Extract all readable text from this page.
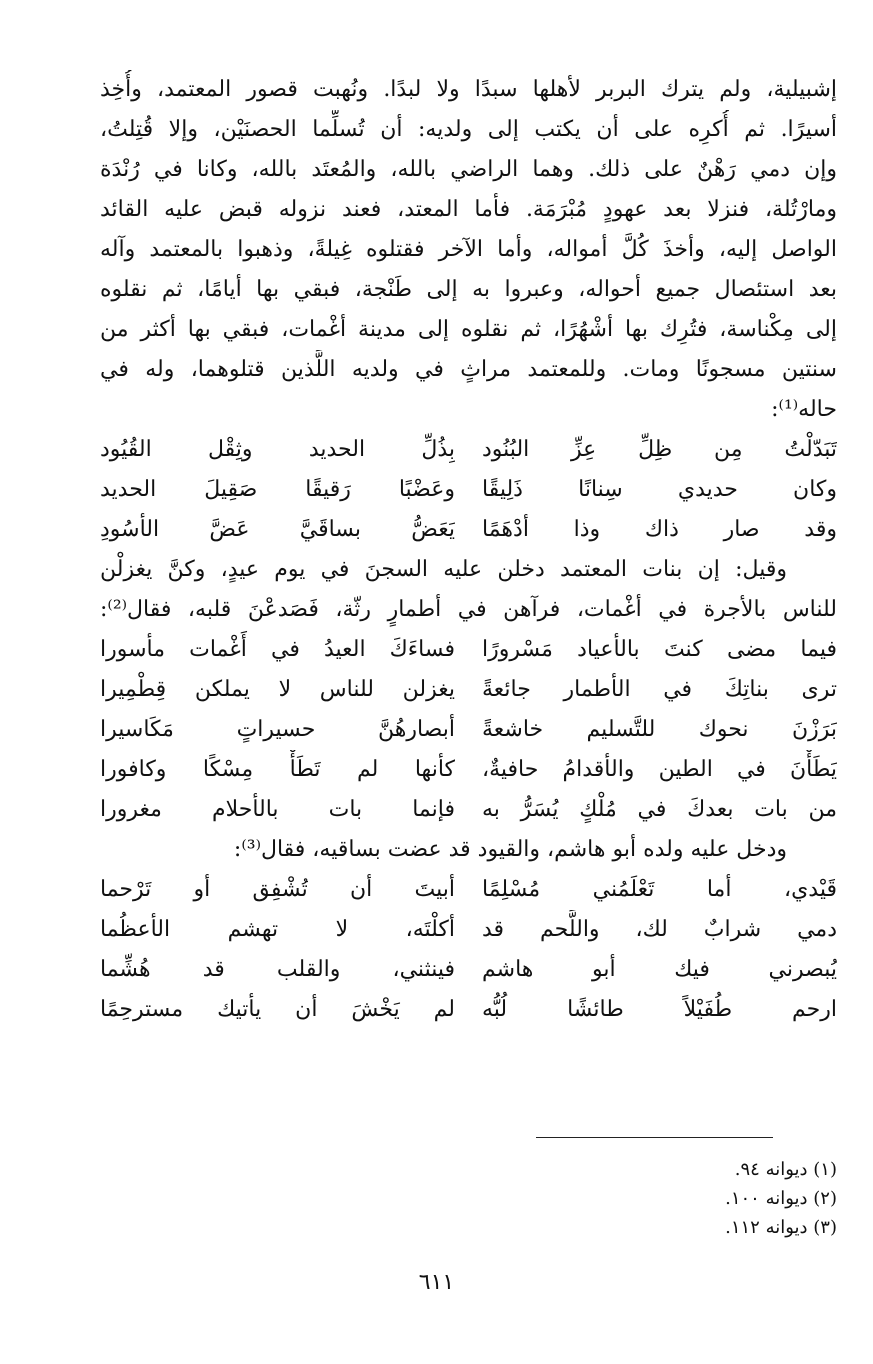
إشبيلية، ولم يترك البربر لأهلها سبدًا ولا لبدًا. ونُهبت قصور المعتمد، وأُخِذ
أسيرًا. ثم أُكرِه على أن يكتب إلى ولديه: أن تُسلِّما الحصنَيْن، وإلا قُتِلتُ،
وإن دمي رَهْنٌ على ذلك. وهما الراضي بالله، والمُعتَد بالله، وكانا في رُنْدَة
ومارْتُلة، فنزلا بعد عهودٍ مُبْرَمَة. فأما المعتد، فعند نزوله قبض عليه القائد
الواصل إليه، وأخذَ كُلَّ أمواله، وأما الآخر فقتلوه غِيلةً، وذهبوا بالمعتمد وآله
بعد استئصال جميع أحواله، وعبروا به إلى طَنْجة، فبقي بها أيامًا، ثم نقلوه
إلى مِكْناسة، فتُرِك بها أشْهُرًا، ثم نقلوه إلى مدينة أغْمات، فبقي بها أكثر من
سنتين مسجونًا ومات. وللمعتمد مراثٍ في ولديه اللَّذين قتلوهما، وله في
حاله⁽¹⁾:
تَبَدّلْتُ مِن ظِلِّ عِزِّ البُنُود
بِذُلِّ الحديد وثِقْل القُيُود
وكان حديدي سِنانًا ذَلِيقًا
وعَضْبًا رَقيقًا صَقِيلَ الحديد
وقد صار ذاك وذا أدْهَمًا
يَعَضُّ بساقَيَّ عَضَّ الأسُودِ
وقيل: إن بنات المعتمد دخلن عليه السجنَ في يوم عيدٍ، وكنَّ يغزلْن
للناس بالأجرة في أغْمات، فرآهن في أطمارٍ رثّة، فَصَدعْنَ قلبه، فقال⁽²⁾:
فيما مضى كنتَ بالأعياد مَسْرورًا
فساءَكَ العيدُ في أَغْمات مأسورا
ترى بناتِكَ في الأطمار جائعةً
يغزلن للناس لا يملكن قِطْمِيرا
بَرَزْنَ نحوك للتَّسليم خاشعةً
أبصارهُنَّ حسيراتٍ مَكَاسيرا
يَطَأْنَ في الطين والأقدامُ حافيةٌ،
كأنها لم تَطَأْ مِسْكًا وكافورا
من بات بعدكَ في مُلْكٍ يُسَرُّ به
فإنما بات بالأحلام مغرورا
ودخل عليه ولده أبو هاشم، والقيود قد عضت بساقيه، فقال⁽³⁾:
قَيْدي، أما تَعْلَمُني مُسْلِمًا
أبيتَ أن تُشْفِق أو تَرْحما
دمي شرابٌ لك، واللَّحم قد
أكلْتَه، لا تهشم الأعظُما
يُبصرني فيك أبو هاشم
فينثني، والقلب قد هُشِّما
ارحم طُفَيْلاً طائشًا لُبُّه
لم يَخْشَ أن يأتيك مسترحِمًا
(١) ديوانه ٩٤.
(٢) ديوانه ١٠٠.
(٣) ديوانه ١١٢.
٦١١
